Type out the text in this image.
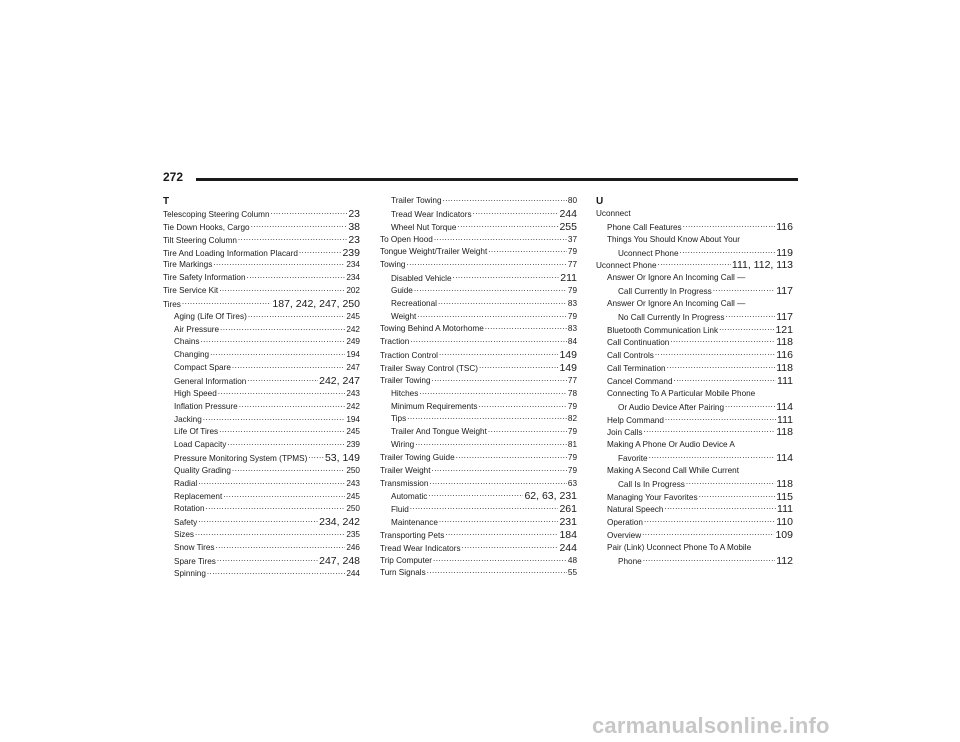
272
T
Telescoping Steering Column .....	23
Tie Down Hooks, Cargo .....	38
Tilt Steering Column .....	23
Tire And Loading Information Placard .....	239
Tire Markings .....	234
Tire Safety Information .....	234
Tire Service Kit .....	202
Tires .....	187, 242, 247, 250
Aging (Life Of Tires) .....	245
Air Pressure .....	242
Chains .....	249
Changing .....	194
Compact Spare .....	247
General Information .....	242, 247
High Speed .....	243
Inflation Pressure .....	242
Jacking .....	194
Life Of Tires .....	245
Load Capacity .....	239
Pressure Monitoring System (TPMS) ..... 53, 149
Quality Grading .....	250
Radial .....	243
Replacement .....	245
Rotation .....	250
Safety .....	234, 242
Sizes .....	235
Snow Tires .....	246
Spare Tires .....	247, 248
Spinning .....	244
Trailer Towing .....	80
Tread Wear Indicators .....	244
Wheel Nut Torque .....	255
To Open Hood .....	37
Tongue Weight/Trailer Weight .....	79
Towing .....	77
Disabled Vehicle .....	211
Guide .....	79
Recreational .....	83
Weight .....	79
Towing Behind A Motorhome .....	83
Traction .....	84
Traction Control .....	149
Trailer Sway Control (TSC) .....	149
Trailer Towing .....	77
Hitches .....	78
Minimum Requirements .....	79
Tips .....	82
Trailer And Tongue Weight .....	79
Wiring .....	81
Trailer Towing Guide .....	79
Trailer Weight .....	79
Transmission .....	63
Automatic .....	62, 63, 231
Fluid .....	261
Maintenance .....	231
Transporting Pets .....	184
Tread Wear Indicators .....	244
Trip Computer .....	48
Turn Signals .....	55
U
Uconnect
Phone Call Features .....	116
Things You Should Know About Your
Uconnect Phone .....	119
Uconnect Phone .....	111, 112, 113
Answer Or Ignore An Incoming Call —
Call Currently In Progress .....	117
Answer Or Ignore An Incoming Call —
No Call Currently In Progress .....	117
Bluetooth Communication Link .....	121
Call Continuation .....	118
Call Controls .....	116
Call Termination .....	118
Cancel Command .....	111
Connecting To A Particular Mobile Phone
Or Audio Device After Pairing .....	114
Help Command .....	111
Join Calls .....	118
Making A Phone Or Audio Device A
Favorite .....	114
Making A Second Call While Current
Call Is In Progress .....	118
Managing Your Favorites .....	115
Natural Speech .....	111
Operation .....	110
Overview .....	109
Pair (Link) Uconnect Phone To A Mobile
Phone .....	112
carmanualsonline.info
